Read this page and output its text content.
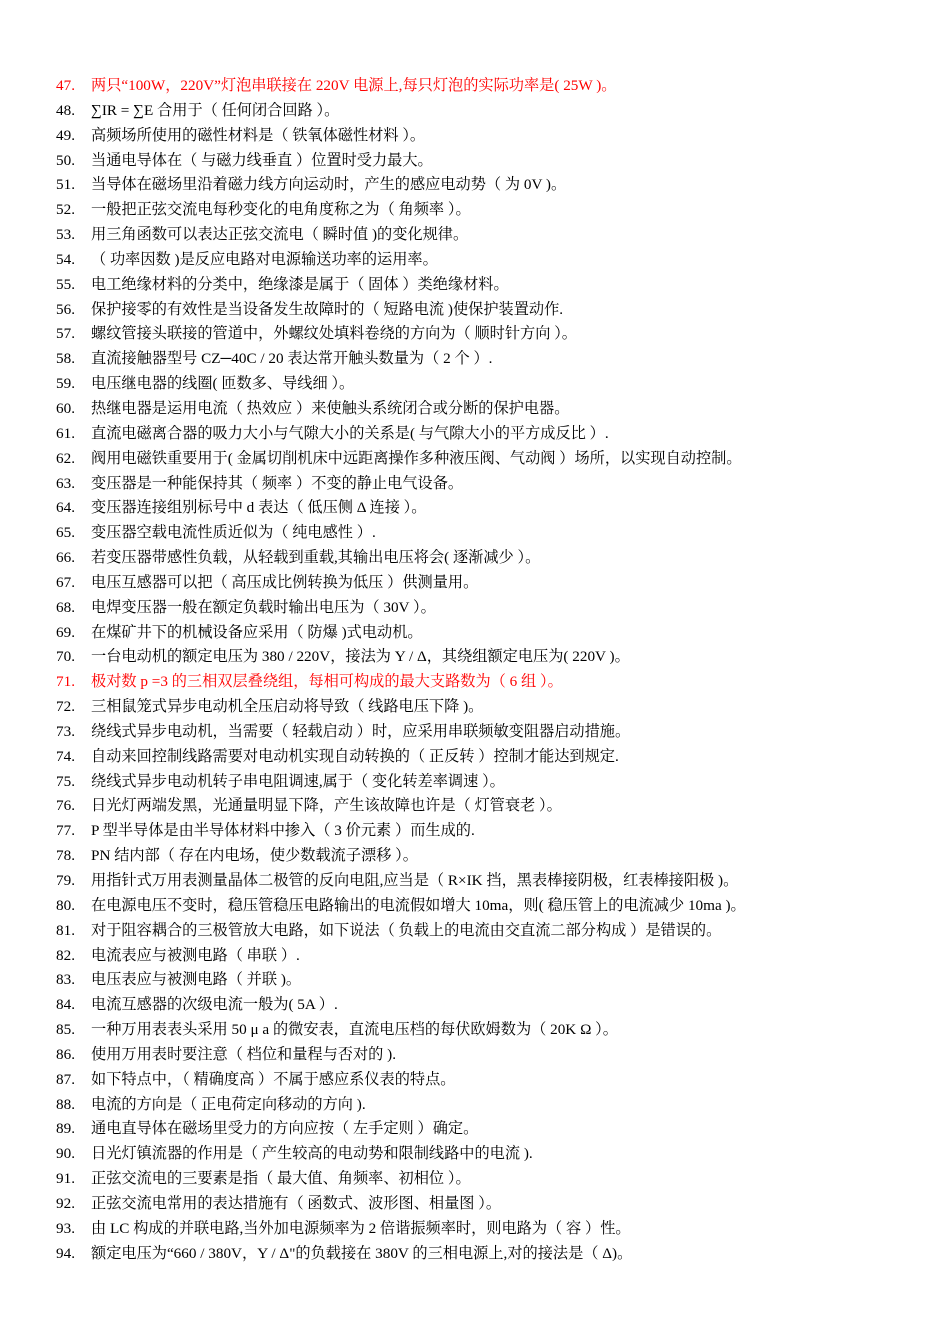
47.	两只“100W，220V”灯泡串联接在 220V 电源上,每只灯泡的实际功率是( 25W )。
48.	∑IR = ∑E 合用于（ 任何闭合回路 ）。
49.	高频场所使用的磁性材料是（ 铁氧体磁性材料 ）。
50.	当通电导体在（ 与磁力线垂直 ）位置时受力最大。
51.	当导体在磁场里沿着磁力线方向运动时，产生的感应电动势（ 为 0V )。
52.	一般把正弦交流电每秒变化的电角度称之为（ 角频率 ）。
53.	用三角函数可以表达正弦交流电（ 瞬时值 )的变化规律。
54.	（ 功率因数 )是反应电路对电源输送功率的运用率。
55.	电工绝缘材料的分类中，绝缘漆是属于（ 固体 ）类绝缘材料。
56.	保护接零的有效性是当设备发生故障时的（ 短路电流 )使保护装置动作.
57.	螺纹管接头联接的管道中，外螺纹处填料卷绕的方向为（ 顺时针方向 ）。
58.	直流接触器型号 CZ─40C / 20 表达常开触头数量为（ 2 个 ）.
59.	电压继电器的线圈( 匝数多、导线细 ）。
60.	热继电器是运用电流（ 热效应 ）来使触头系统闭合或分断的保护电器。
61.	直流电磁离合器的吸力大小与气隙大小的关系是( 与气隙大小的平方成反比 ）.
62.	阀用电磁铁重要用于( 金属切削机床中远距离操作多种液压阀、气动阀 ）场所，以实现自动控制。
63.	变压器是一种能保持其（ 频率 ）不变的静止电气设备。
64.	变压器连接组别标号中 d 表达（ 低压侧 Δ 连接 ）。
65.	变压器空载电流性质近似为（ 纯电感性 ）.
66.	若变压器带感性负载，从轻载到重载,其输出电压将会( 逐渐减少 ）。
67.	电压互感器可以把（ 高压成比例转换为低压 ）供测量用。
68.	电焊变压器一般在额定负载时输出电压为（ 30V ）。
69.	在煤矿井下的机械设备应采用（ 防爆 )式电动机。
70.	一台电动机的额定电压为 380 / 220V，接法为 Y / Δ，其绕组额定电压为( 220V )。
71.	极对数 p =3 的三相双层叠绕组，每相可构成的最大支路数为（ 6 组 ）。
72.	三相鼠笼式异步电动机全压启动将导致（ 线路电压下降 )。
73.	绕线式异步电动机，当需要（ 轻载启动 ）时，应采用串联频敏变阻器启动措施。
74.	自动来回控制线路需要对电动机实现自动转换的（ 正反转 ）控制才能达到规定.
75.	绕线式异步电动机转子串电阻调速,属于（ 变化转差率调速 ）。
76.	日光灯两端发黑，光通量明显下降，产生该故障也许是（ 灯管衰老 ）。
77.	P 型半导体是由半导体材料中掺入（ 3 价元素 ）而生成的.
78.	PN 结内部（ 存在内电场，使少数载流子漂移 ）。
79.	用指针式万用表测量晶体二极管的反向电阻,应当是（ R×IK 挡，黑表棒接阴极，红表棒接阳极 )。
80.	在电源电压不变时，稳压管稳压电路输出的电流假如增大 10ma，则( 稳压管上的电流减少 10ma )。
81.	对于阻容耦合的三极管放大电路，如下说法（ 负载上的电流由交直流二部分构成 ）是错误的。
82.	电流表应与被测电路（ 串联 ）.
83.	电压表应与被测电路（ 并联 )。
84.	电流互感器的次级电流一般为( 5A ）.
85.	一种万用表表头采用 50 μ a 的微安表，直流电压档的每伏欧姆数为（ 20K Ω ）。
86.	使用万用表时要注意（ 档位和量程与否对的 ).
87.	如下特点中，（ 精确度高 ）不属于感应系仪表的特点。
88.	电流的方向是（ 正电荷定向移动的方向 ).
89.	通电直导体在磁场里受力的方向应按（ 左手定则 ）确定。
90.	日光灯镇流器的作用是（ 产生较高的电动势和限制线路中的电流 ).
91.	正弦交流电的三要素是指（ 最大值、角频率、初相位 ）。
92.	正弦交流电常用的表达措施有（ 函数式、波形图、相量图 ）。
93.	由 LC 构成的并联电路,当外加电源频率为 2 倍谐振频率时，则电路为（ 容 ）性。
94.	额定电压为“660 / 380V，Y / Δ"的负载接在 380V 的三相电源上,对的接法是（ Δ)。
